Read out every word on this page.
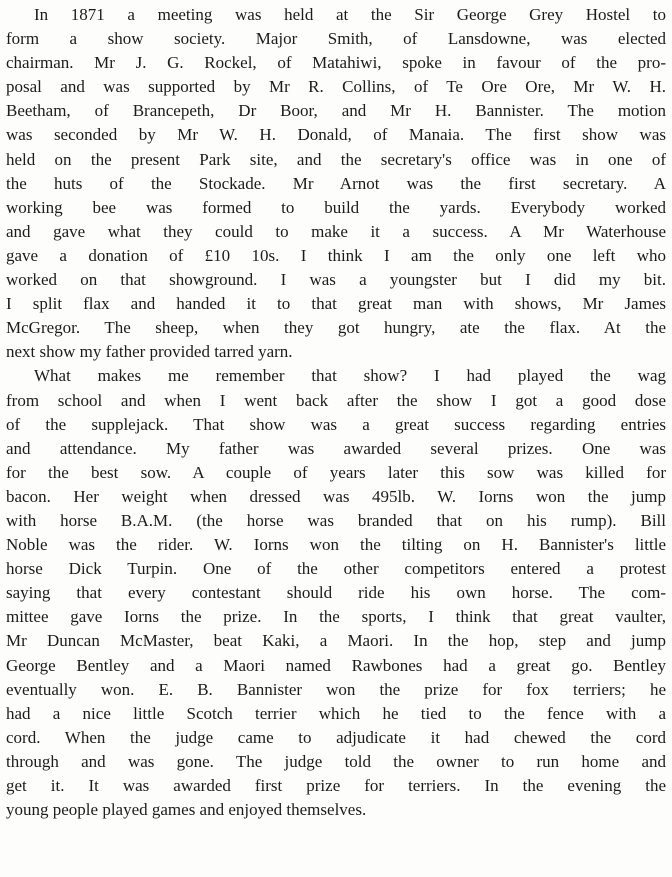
In 1871 a meeting was held at the Sir George Grey Hostel to
form a show society. Major Smith, of Lansdowne, was elected
chairman. Mr J. G. Rockel, of Matahiwi, spoke in favour of the pro-
posal and was supported by Mr R. Collins, of Te Ore Ore, Mr W. H.
Beetham, of Brancepeth, Dr Boor, and Mr H. Bannister. The motion
was seconded by Mr W. H. Donald, of Manaia. The first show was
held on the present Park site, and the secretary's office was in one of
the huts of the Stockade. Mr Arnot was the first secretary. A
working bee was formed to build the yards. Everybody worked
and gave what they could to make it a success. A Mr Waterhouse
gave a donation of £10 10s. I think I am the only one left who
worked on that showground. I was a youngster but I did my bit.
I split flax and handed it to that great man with shows, Mr James
McGregor. The sheep, when they got hungry, ate the flax. At the
next show my father provided tarred yarn.
What makes me remember that show? I had played the wag
from school and when I went back after the show I got a good dose
of the supplejack. That show was a great success regarding entries
and attendance. My father was awarded several prizes. One was
for the best sow. A couple of years later this sow was killed for
bacon. Her weight when dressed was 495lb. W. Iorns won the jump
with horse B.A.M. (the horse was branded that on his rump). Bill
Noble was the rider. W. Iorns won the tilting on H. Bannister's little
horse Dick Turpin. One of the other competitors entered a protest
saying that every contestant should ride his own horse. The com-
mittee gave Iorns the prize. In the sports, I think that great vaulter,
Mr Duncan McMaster, beat Kaki, a Maori. In the hop, step and jump
George Bentley and a Maori named Rawbones had a great go. Bentley
eventually won. E. B. Bannister won the prize for fox terriers; he
had a nice little Scotch terrier which he tied to the fence with a
cord. When the judge came to adjudicate it had chewed the cord
through and was gone. The judge told the owner to run home and
get it. It was awarded first prize for terriers. In the evening the
young people played games and enjoyed themselves.
